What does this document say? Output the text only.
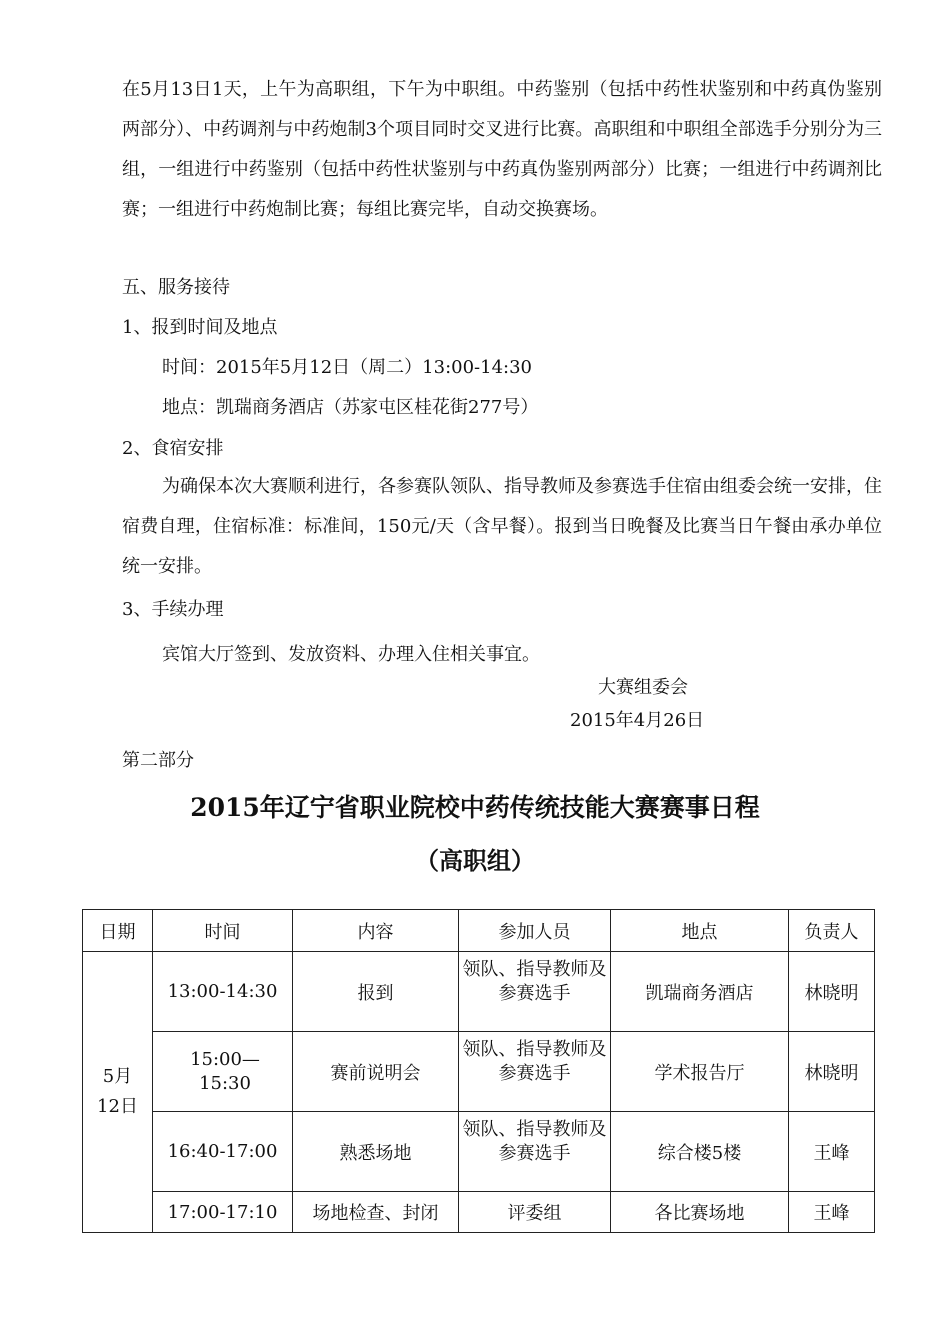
在5月13日1天，上午为高职组，下午为中职组。中药鉴别（包括中药性状鉴别和中药真伪鉴别两部分）、中药调剂与中药炮制3个项目同时交叉进行比赛。高职组和中职组全部选手分别分为三组，一组进行中药鉴别（包括中药性状鉴别与中药真伪鉴别两部分）比赛；一组进行中药调剂比赛；一组进行中药炮制比赛；每组比赛完毕，自动交换赛场。

五、服务接待

1、报到时间及地点

时间：2015年5月12日（周二）13:00-14:30

地点：凯瑞商务酒店（苏家屯区桂花街277号）

2、食宿安排

为确保本次大赛顺利进行，各参赛队领队、指导教师及参赛选手住宿由组委会统一安排，住宿费自理，住宿标准：标准间，150元/天（含早餐）。报到当日晚餐及比赛当日午餐由承办单位统一安排。

3、手续办理

宾馆大厅签到、发放资料、办理入住相关事宜。

大赛组委会

2015年4月26日

第二部分

2015年辽宁省职业院校中药传统技能大赛赛事日程
（高职组）
日期	时间	内容	参加人员	地点	负责人

5月
12日	13:00-14:30	报到	领队、指导教师及参赛选手	凯瑞商务酒店	林晓明

	15:00—15:30	赛前说明会	领队、指导教师及参赛选手	学术报告厅	林晓明
	16:40-17:00	熟悉场地	领队、指导教师及参赛选手	综合楼5楼	王峰
	17:00-17:10	场地检查、封闭	评委组	各比赛场地	王峰
